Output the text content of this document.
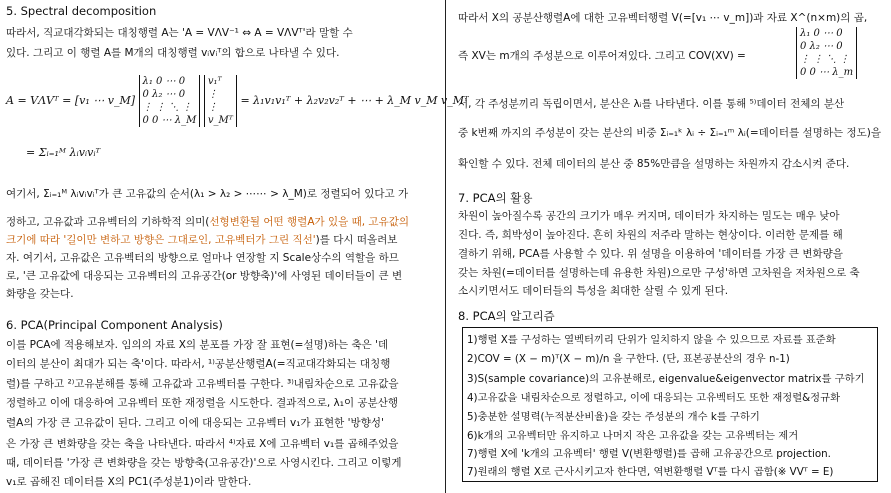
5. Spectral decomposition
따라서, 직교대각화되는 대칭행렬 A는 'A = VΛV⁻¹ ⇔ A = VΛVᵀ'라 말할 수
있다. 그리고 이 행렬 A를 M개의 대칭행렬 vᵢvᵢᵀ의 합으로 나타낼 수 있다.
A = VΛVᵀ = [v₁ ⋯ v_M]
λ₁ 0 ⋯ 0
0 λ₂ ⋯ 0
⋮ ⋮ ⋱ ⋮
0 0 ⋯ λ_M

v₁ᵀ
⋮
⋮
v_Mᵀ
= λ₁v₁v₁ᵀ + λ₂v₂v₂ᵀ + ⋯ + λ_M v_M v_Mᵀ
= Σᵢ₌₁ᴹ λᵢvᵢvᵢᵀ
여기서, Σᵢ₌₁ᴹ λᵢvᵢvᵢᵀ가 큰 고유값의 순서(λ₁ > λ₂ > ⋯⋯ > λ_M)로 정렬되어 있다고 가
정하고, 고유값과 고유벡터의 기하학적 의미(선형변환될 어떤 행렬A가 있을 때, 고유값의
크기에 따라 '길이만 변하고 방향은 그대로인, 고유벡터가 그린 직선')를 다시 떠올려보
자. 여기서, 고유값은 고유벡터의 방향으로 얼마나 연장할 지 Scale상수의 역할을 하므
로, '큰 고유값에 대응되는 고유벡터의 고유공간(or 방향축)'에 사영된 데이터들이 큰 변
화량을 갖는다.
6. PCA(Principal Component Analysis)
이를 PCA에 적용해보자. 임의의 자료 X의 분포를 가장 잘 표현(=설명)하는 축은 '데
이터의 분산이 최대가 되는 축'이다. 따라서, ¹⁾공분산행렬A(=직교대각화되는 대칭행
렬)를 구하고 ²⁾고유분해를 통해 고유값과 고유벡터를 구한다. ³⁾내림차순으로 고유값을
정렬하고 이에 대응하여 고유벡터 또한 재정렬을 시도한다. 결과적으로, λ₁이 공분산행
렬A의 가장 큰 고유값이 된다. 그리고 이에 대응되는 고유벡터 v₁가 표현한 '방향성'
은 가장 큰 변화량을 갖는 축을 나타낸다. 따라서 ⁴⁾자료 X에 고유벡터 v₁를 곱해주었을
때, 데이터를 '가장 큰 변화량을 갖는 방향축(고유공간)'으로 사영시킨다. 그리고 이렇게
v₁로 곱해진 데이터를 X의 PC1(주성분1)이라 말한다.
따라서 X의 공분산행렬A에 대한 고유벡터행렬 V(=[v₁ ⋯ v_m])과 자료 X^(n×m)의 곱,
즉 XV는 m개의 주성분으로 이루어져있다. 그리고 COV(XV) =
λ₁ 0 ⋯ 0
0 λ₂ ⋯ 0
⋮ ⋮ ⋱ ⋮
0 0 ⋯ λ_m
서, 각 주성분끼리 독립이면서, 분산은 λᵢ를 나타낸다. 이를 통해 ⁵⁾데이터 전체의 분산
중 k번째 까지의 주성분이 갖는 분산의 비중 Σᵢ₌₁ᵏ λᵢ ÷ Σᵢ₌₁ᵐ λᵢ(=데이터를 설명하는 정도)을
확인할 수 있다. 전체 데이터의 분산 중 85%만큼을 설명하는 차원까지 감소시켜 준다.
7. PCA의 활용
차원이 높아질수록 공간의 크기가 매우 커지며, 데이터가 차지하는 밀도는 매우 낮아
진다. 즉, 희박성이 높아진다. 흔히 차원의 저주라 말하는 현상이다. 이러한 문제를 해
결하기 위해, PCA를 사용할 수 있다. 위 설명을 이용하여 '데이터를 가장 큰 변화량을
갖는 차원(=데이터를 설명하는데 유용한 차원)으로만 구성'하면 고차원을 저차원으로 축
소시키면서도 데이터들의 특성을 최대한 살릴 수 있게 된다.
8. PCA의 알고리즘
1)행렬 X를 구성하는 열벡터끼리 단위가 일치하지 않을 수 있으므로 자료를 표준화
2)COV = (X − m)ᵀ(X − m)/n 을 구한다. (단, 표본공분산의 경우 n-1)
3)S(sample covariance)의 고유분해로, eigenvalue&eigenvector matrix를 구하기
4)고유값을 내림차순으로 정렬하고, 이에 대응되는 고유벡터도 또한 재정렬&정규화
5)충분한 설명력(누적분산비율)을 갖는 주성분의 개수 k를 구하기
6)k개의 고유벡터만 유지하고 나머지 작은 고유값을 갖는 고유벡터는 제거
7)행렬 X에 'k개의 고유벡터' 행렬 V(변환행렬)를 곱해 고유공간으로 projection.
7)원래의 행렬 X로 근사시키고자 한다면, 역변환행렬 Vᵀ를 다시 곱함(※ VVᵀ = E)
